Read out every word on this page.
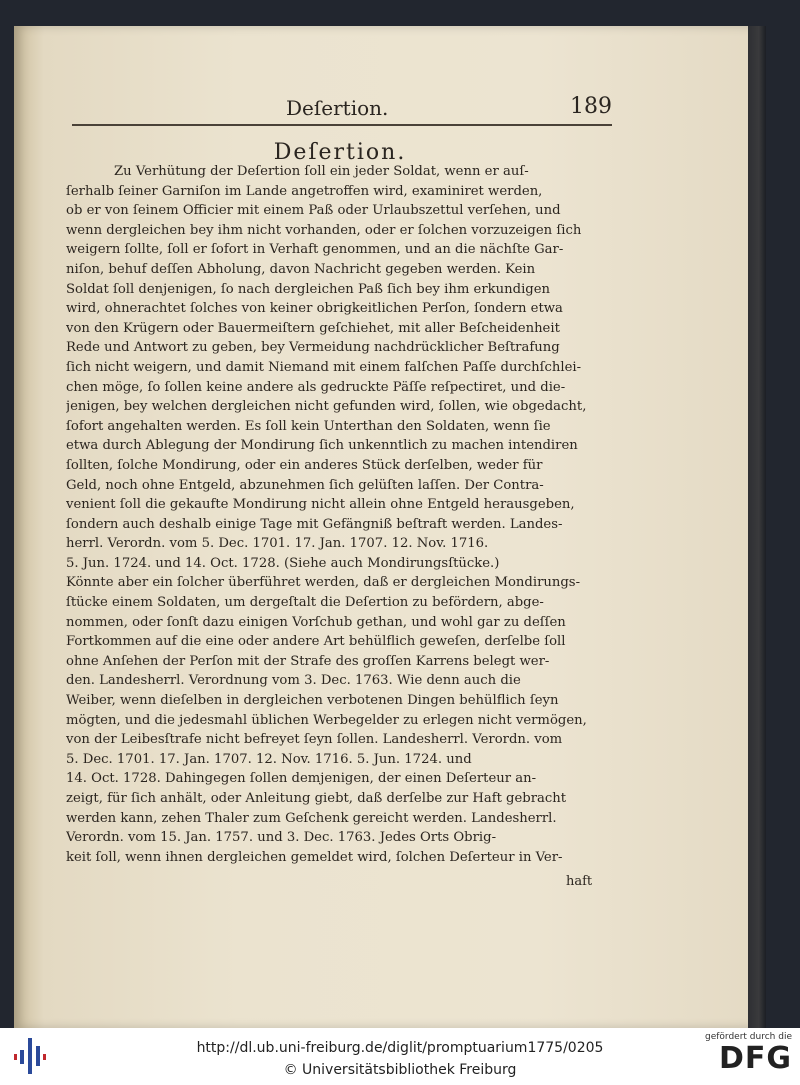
Deſertion.	189
Deſertion.
Zu Verhütung der Deſertion ſoll ein jeder Soldat, wenn er auſ-
ſerhalb ſeiner Garniſon im Lande angetroffen wird, examiniret werden,
ob er von ſeinem Officier mit einem Paß oder Urlaubszettul verſehen, und
wenn dergleichen bey ihm nicht vorhanden, oder er ſolchen vorzuzeigen ſich
weigern ſollte, ſoll er ſofort in Verhaft genommen, und an die nächſte Gar-
niſon, behuf deſſen Abholung, davon Nachricht gegeben werden. Kein
Soldat ſoll denjenigen, ſo nach dergleichen Paß ſich bey ihm erkundigen
wird, ohnerachtet ſolches von keiner obrigkeitlichen Perſon, ſondern etwa
von den Krügern oder Bauermeiſtern geſchiehet, mit aller Beſcheidenheit
Rede und Antwort zu geben, bey Vermeidung nachdrücklicher Beſtrafung
ſich nicht weigern, und damit Niemand mit einem falſchen Paſſe durchſchlei-
chen möge, ſo ſollen keine andere als gedruckte Päſſe reſpectiret, und die-
jenigen, bey welchen dergleichen nicht gefunden wird, ſollen, wie obgedacht,
ſofort angehalten werden. Es ſoll kein Unterthan den Soldaten, wenn ſie
etwa durch Ablegung der Mondirung ſich unkenntlich zu machen intendiren
ſollten, ſolche Mondirung, oder ein anderes Stück derſelben, weder für
Geld, noch ohne Entgeld, abzunehmen ſich gelüſten laſſen. Der Contra-
venient ſoll die gekaufte Mondirung nicht allein ohne Entgeld herausgeben,
ſondern auch deshalb einige Tage mit Gefängniß beſtraft werden. Landes-
herrl. Verordn. vom 5. Dec. 1701. 17. Jan. 1707. 12. Nov. 1716.
5. Jun. 1724. und 14. Oct. 1728. (Siehe auch Mondirungsſtücke.)
Könnte aber ein ſolcher überführet werden, daß er dergleichen Mondirungs-
ſtücke einem Soldaten, um dergeſtalt die Deſertion zu befördern, abge-
nommen, oder ſonſt dazu einigen Vorſchub gethan, und wohl gar zu deſſen
Fortkommen auf die eine oder andere Art behülflich geweſen, derſelbe ſoll
ohne Anſehen der Perſon mit der Strafe des groſſen Karrens belegt wer-
den. Landesherrl. Verordnung vom 3. Dec. 1763. Wie denn auch die
Weiber, wenn dieſelben in dergleichen verbotenen Dingen behülflich ſeyn
mögten, und die jedesmahl üblichen Werbegelder zu erlegen nicht vermögen,
von der Leibesſtrafe nicht befreyet ſeyn ſollen. Landesherrl. Verordn. vom
5. Dec. 1701. 17. Jan. 1707. 12. Nov. 1716. 5. Jun. 1724. und
14. Oct. 1728. Dahingegen ſollen demjenigen, der einen Deſerteur an-
zeigt, für ſich anhält, oder Anleitung giebt, daß derſelbe zur Haft gebracht
werden kann, zehen Thaler zum Geſchenk gereicht werden. Landesherrl.
Verordn. vom 15. Jan. 1757. und 3. Dec. 1763. Jedes Orts Obrig-
keit ſoll, wenn ihnen dergleichen gemeldet wird, ſolchen Deſerteur in Ver-
haft
http://dl.ub.uni-freiburg.de/diglit/promptuarium1775/0205
© Universitätsbibliothek Freiburg
gefördert durch die
DFG
